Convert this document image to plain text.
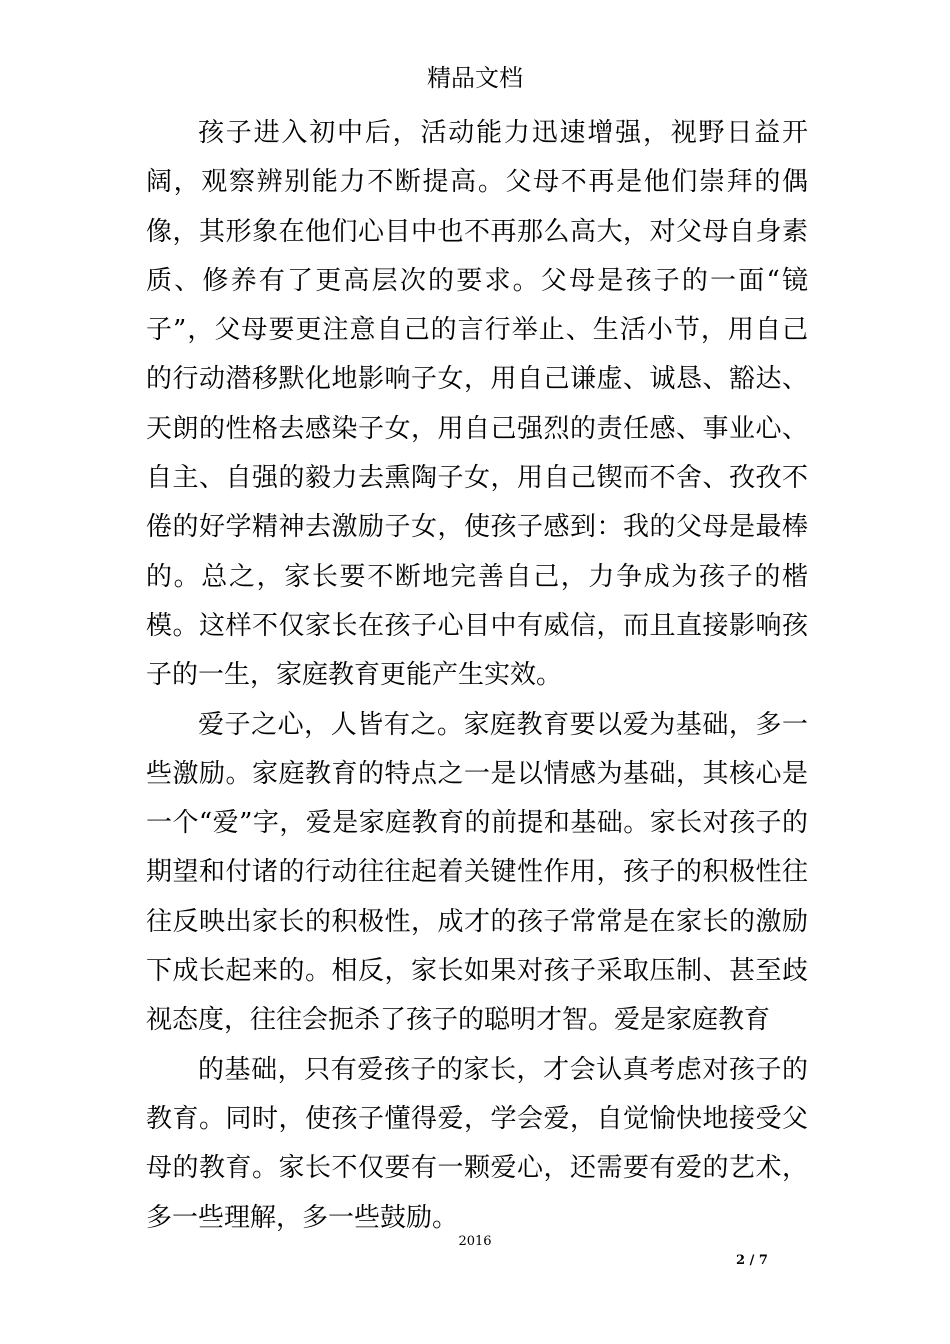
精品文档

孩子进入初中后，活动能力迅速增强，视野日益开阔，观察辨别能力不断提高。父母不再是他们崇拜的偶像，其形象在他们心目中也不再那么高大，对父母自身素质、修养有了更高层次的要求。父母是孩子的一面“镜子”，父母要更注意自己的言行举止、生活小节，用自己的行动潜移默化地影响子女，用自己谦虚、诚恳、豁达、天朗的性格去感染子女，用自己强烈的责任感、事业心、自主、自强的毅力去熏陶子女，用自己锲而不舍、孜孜不倦的好学精神去激励子女，使孩子感到：我的父母是最棒的。总之，家长要不断地完善自己，力争成为孩子的楷模。这样不仅家长在孩子心目中有威信，而且直接影响孩子的一生，家庭教育更能产生实效。

爱子之心，人皆有之。家庭教育要以爱为基础，多一些激励。家庭教育的特点之一是以情感为基础，其核心是一个“爱”字，爱是家庭教育的前提和基础。家长对孩子的期望和付诸的行动往往起着关键性作用，孩子的积极性往往反映出家长的积极性，成才的孩子常常是在家长的激励下成长起来的。相反，家长如果对孩子采取压制、甚至歧视态度，往往会扼杀了孩子的聪明才智。爱是家庭教育

的基础，只有爱孩子的家长，才会认真考虑对孩子的教育。同时，使孩子懂得爱，学会爱，自觉愉快地接受父母的教育。家长不仅要有一颗爱心，还需要有爱的艺术，多一些理解，多一些鼓励。

2016
2 / 7
